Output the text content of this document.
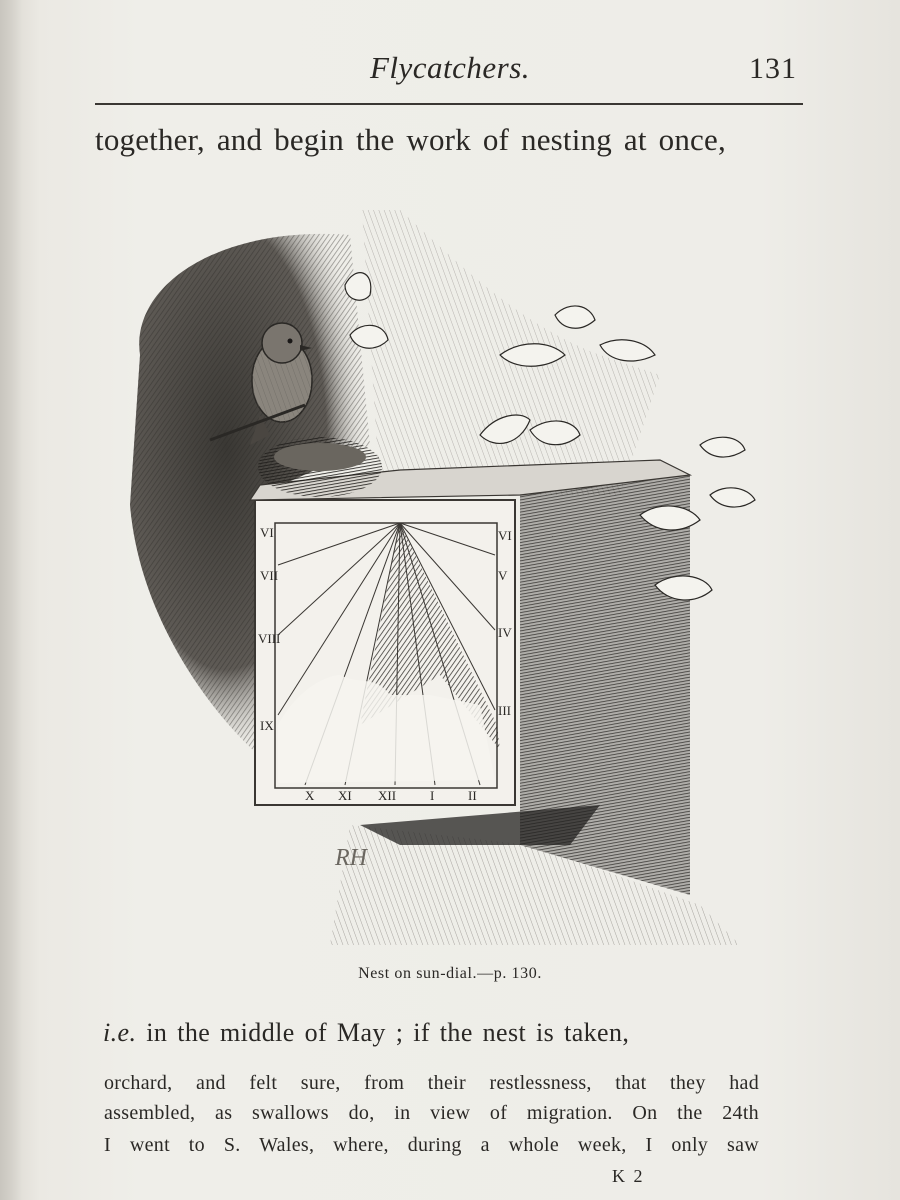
Flycatchers.	131
together, and begin the work of nesting at once,
VI
VII
VIII
IX
VI
V
IV
III
X XI XII	I	II
RH
Nest on sun-dial.—p. 130.
i.e. in the middle of May ; if the nest is taken,
orchard, and felt sure, from their restlessness, that they had
assembled, as swallows do, in view of migration. On the 24th
I went to S. Wales, where, during a whole week, I only saw
K 2
